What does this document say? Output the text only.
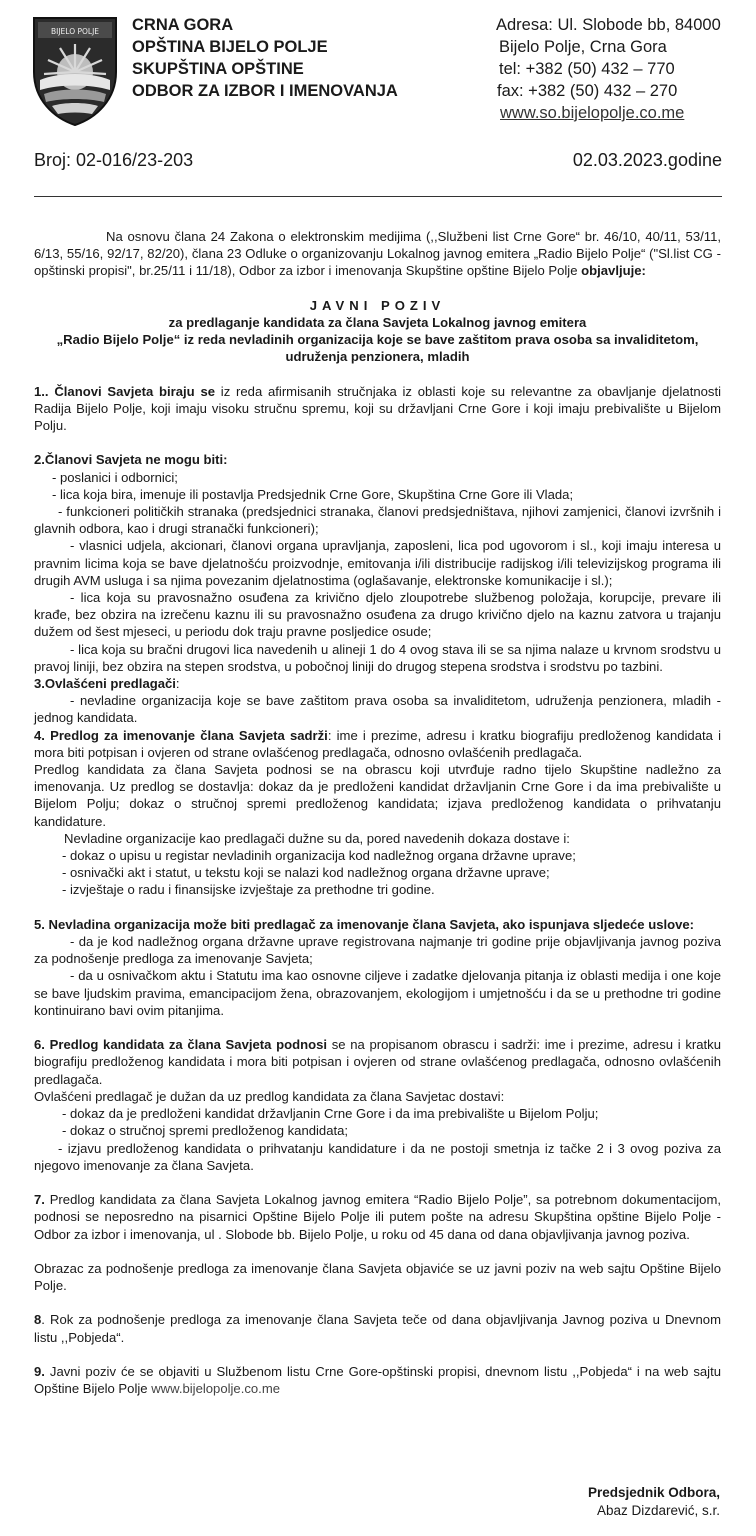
BIJELO POLJE CRNA GORA
OPŠTINA BIJELO POLJE
SKUPŠTINA OPŠTINE
ODBOR ZA IZBOR I IMENOVANJA
Adresa: Ul. Slobode bb, 84000
Bijelo Polje, Crna Gora
tel: +382 (50) 432 – 770
fax: +382 (50) 432 – 270
www.so.bijelopolje.co.me
Broj: 02-016/23-203	02.03.2023.godine

Na osnovu člana 24 Zakona o elektronskim medijima (,,Službeni list Crne Gore“ br. 46/10, 40/11, 53/11, 6/13, 55/16, 92/17, 82/20), člana 23 Odluke o organizovanju Lokalnog javnog emitera „Radio Bijelo Polje“ ("Sl.list CG - opštinski propisi", br.25/11 i 11/18), Odbor za izbor i imenovanja Skupštine opštine Bijelo Polje objavljuje:

JAVNI POZIV

za predlaganje kandidata za člana Savjeta Lokalnog javnog emitera

„Radio Bijelo Polje“ iz reda nevladinih organizacija koje se bave zaštitom prava osoba sa invaliditetom,

udruženja penzionera, mladih

1.. Članovi Savjeta biraju se iz reda afirmisanih stručnjaka iz oblasti koje su relevantne za obavljanje djelatnosti Radija Bijelo Polje, koji imaju visoku stručnu spremu, koji su državljani Crne Gore i koji imaju prebivalište u Bijelom Polju.

2.Članovi Savjeta ne mogu biti:

- poslanici i odbornici;

- lica koja bira, imenuje ili postavlja Predsjednik Crne Gore, Skupština Crne Gore ili Vlada;

- funkcioneri političkih stranaka (predsjednici stranaka, članovi predsjedništava, njihovi zamjenici, članovi izvršnih i glavnih odbora, kao i drugi stranački funkcioneri);

- vlasnici udjela, akcionari, članovi organa upravljanja, zaposleni, lica pod ugovorom i sl., koji imaju interesa u pravnim licima koja se bave djelatnošću proizvodnje, emitovanja i/ili distribucije radijskog i/ili televizijskog programa ili drugih AVM usluga i sa njima povezanim djelatnostima (oglašavanje, elektronske komunikacije i sl.);

- lica koja su pravosnažno osuđena za krivično djelo zloupotrebe službenog položaja, korupcije, prevare ili krađe, bez obzira na izrečenu kaznu ili su pravosnažno osuđena za drugo krivično djelo na kaznu zatvora u trajanju dužem od šest mjeseci, u periodu dok traju pravne posljedice osude;

- lica koja su bračni drugovi lica navedenih u alineji 1 do 4 ovog stava ili se sa njima nalaze u krvnom srodstvu u pravoj liniji, bez obzira na stepen srodstva, u pobočnoj liniji do drugog stepena srodstva i srodstvu po tazbini.

3.Ovlašćeni predlagači:

- nevladine organizacija koje se bave zaštitom prava osoba sa invaliditetom, udruženja penzionera, mladih - jednog kandidata.

4. Predlog za imenovanje člana Savjeta sadrži: ime i prezime, adresu i kratku biografiju predloženog kandidata i mora biti potpisan i ovjeren od strane ovlašćenog predlagača, odnosno ovlašćenih predlagača.

Predlog kandidata za člana Savjeta podnosi se na obrascu koji utvrđuje radno tijelo Skupštine nadležno za imenovanja. Uz predlog se dostavlja: dokaz da je predloženi kandidat državljanin Crne Gore i da ima prebivalište u Bijelom Polju; dokaz o stručnoj spremi predloženog kandidata; izjava predloženog kandidata o prihvatanju kandidature.

Nevladine organizacije kao predlagači dužne su da, pored navedenih dokaza dostave i:

- dokaz o upisu u registar nevladinih organizacija kod nadležnog organa državne uprave;

- osnivački akt i statut, u tekstu koji se nalazi kod nadležnog organa državne uprave;

- izvještaje o radu i finansijske izvještaje za prethodne tri godine.

5. Nevladina organizacija može biti predlagač za imenovanje člana Savjeta, ako ispunjava sljedeće uslove:

- da je kod nadležnog organa državne uprave registrovana najmanje tri godine prije objavljivanja javnog poziva za podnošenje predloga za imenovanje Savjeta;

- da u osnivačkom aktu i Statutu ima kao osnovne ciljeve i zadatke djelovanja pitanja iz oblasti medija i one koje se bave ljudskim pravima, emancipacijom žena, obrazovanjem, ekologijom i umjetnošću i da se u prethodne tri godine kontinuirano bavi ovim pitanjima.

6. Predlog kandidata za člana Savjeta podnosi se na propisanom obrascu i sadrži: ime i prezime, adresu i kratku biografiju predloženog kandidata i mora biti potpisan i ovjeren od strane ovlašćenog predlagača, odnosno ovlašćenih predlagača.

Ovlašćeni predlagač je dužan da uz predlog kandidata za člana Savjetac dostavi:

- dokaz da je predloženi kandidat državljanin Crne Gore i da ima prebivalište u Bijelom Polju;

- dokaz o stručnoj spremi predloženog kandidata;

- izjavu predloženog kandidata o prihvatanju kandidature i da ne postoji smetnja iz tačke 2 i 3 ovog poziva za njegovo imenovanje za člana Savjeta.

7. Predlog kandidata za člana Savjeta Lokalnog javnog emitera “Radio Bijelo Polje”, sa potrebnom dokumentacijom, podnosi se neposredno na pisarnici Opštine Bijelo Polje ili putem pošte na adresu Skupština opštine Bijelo Polje - Odbor za izbor i imenovanja, ul . Slobode bb. Bijelo Polje, u roku od 45 dana od dana objavljivanja javnog poziva.

Obrazac za podnošenje predloga za imenovanje člana Savjeta objaviće se uz javni poziv na web sajtu Opštine Bijelo Polje.

8. Rok za podnošenje predloga za imenovanje člana Savjeta teče od dana objavljivanja Javnog poziva u Dnevnom listu ,,Pobjeda“.

9. Javni poziv će se objaviti u Službenom listu Crne Gore-opštinski propisi, dnevnom listu ,,Pobjeda“ i na web sajtu Opštine Bijelo Polje www.bijelopolje.co.me

Predsjednik Odbora,
Abaz Dizdarević, s.r.
